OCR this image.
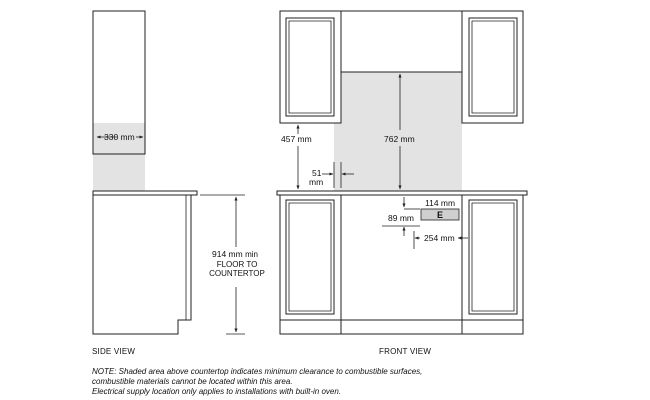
330 mm
914 mm min
FLOOR TO
COUNTERTOP
SIDE VIEW
457 mm	762 mm
51
mm
E
114 mm
89 mm
254 mm
FRONT VIEW
NOTE: Shaded area above countertop indicates minimum clearance to combustible surfaces,
combustible materials cannot be located within this area.
Electrical supply location only applies to installations with built-in oven.
